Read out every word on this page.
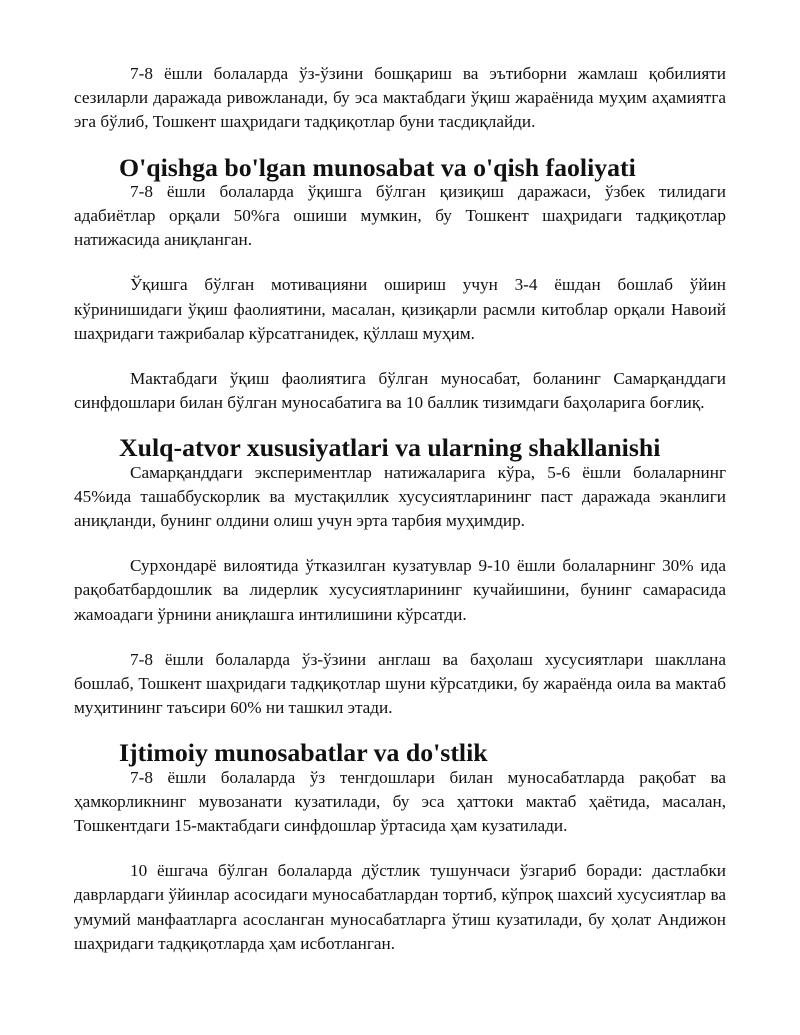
7-8 ёшли болаларда ўз-ўзини бошқариш ва эътиборни жамлаш қобилияти сезиларли даражада ривожланади, бу эса мактабдаги ўқиш жараёнида муҳим аҳамиятга эга бўлиб, Тошкент шаҳридаги тадқиқотлар буни тасдиқлайди.

O'qishga bo'lgan munosabat va o'qish faoliyati

7-8 ёшли болаларда ўқишга бўлган қизиқиш даражаси, ўзбек тилидаги адабиётлар орқали 50%га ошиши мумкин, бу Тошкент шаҳридаги тадқиқотлар натижасида аниқланган.

Ўқишга бўлган мотивацияни ошириш учун 3-4 ёшдан бошлаб ўйин кўринишидаги ўқиш фаолиятини, масалан, қизиқарли расмли китоблар орқали Навоий шаҳридаги тажрибалар кўрсатганидек, қўллаш муҳим.

Мактабдаги ўқиш фаолиятига бўлган муносабат, боланинг Самарқанддаги синфдошлари билан бўлган муносабатига ва 10 баллик тизимдаги баҳоларига боғлиқ.

Xulq-atvor xususiyatlari va ularning shakllanishi

Самарқанддаги экспериментлар натижаларига кўра, 5-6 ёшли болаларнинг 45%ида ташаббускорлик ва мустақиллик хусусиятларининг паст даражада эканлиги аниқланди, бунинг олдини олиш учун эрта тарбия муҳимдир.

Сурхондарё вилоятида ўтказилган кузатувлар 9-10 ёшли болаларнинг 30% ида рақобатбардошлик ва лидерлик хусусиятларининг кучайишини, бунинг самарасида жамоадаги ўрнини аниқлашга интилишини кўрсатди.

7-8 ёшли болаларда ўз-ўзини англаш ва баҳолаш хусусиятлари шакллана бошлаб, Тошкент шаҳридаги тадқиқотлар шуни кўрсатдики, бу жараёнда оила ва мактаб муҳитининг таъсири 60% ни ташкил этади.

Ijtimoiy munosabatlar va do'stlik

7-8 ёшли болаларда ўз тенгдошлари билан муносабатларда рақобат ва ҳамкорликнинг мувозанати кузатилади, бу эса ҳаттоки мактаб ҳаётида, масалан, Тошкентдаги 15-мактабдаги синфдошлар ўртасида ҳам кузатилади.

10 ёшгача бўлган болаларда дўстлик тушунчаси ўзгариб боради: дастлабки даврлардаги ўйинлар асосидаги муносабатлардан тортиб, кўпроқ шахсий хусусиятлар ва умумий манфаатларга асосланган муносабатларга ўтиш кузатилади, бу ҳолат Андижон шаҳридаги тадқиқотларда ҳам исботланган.
